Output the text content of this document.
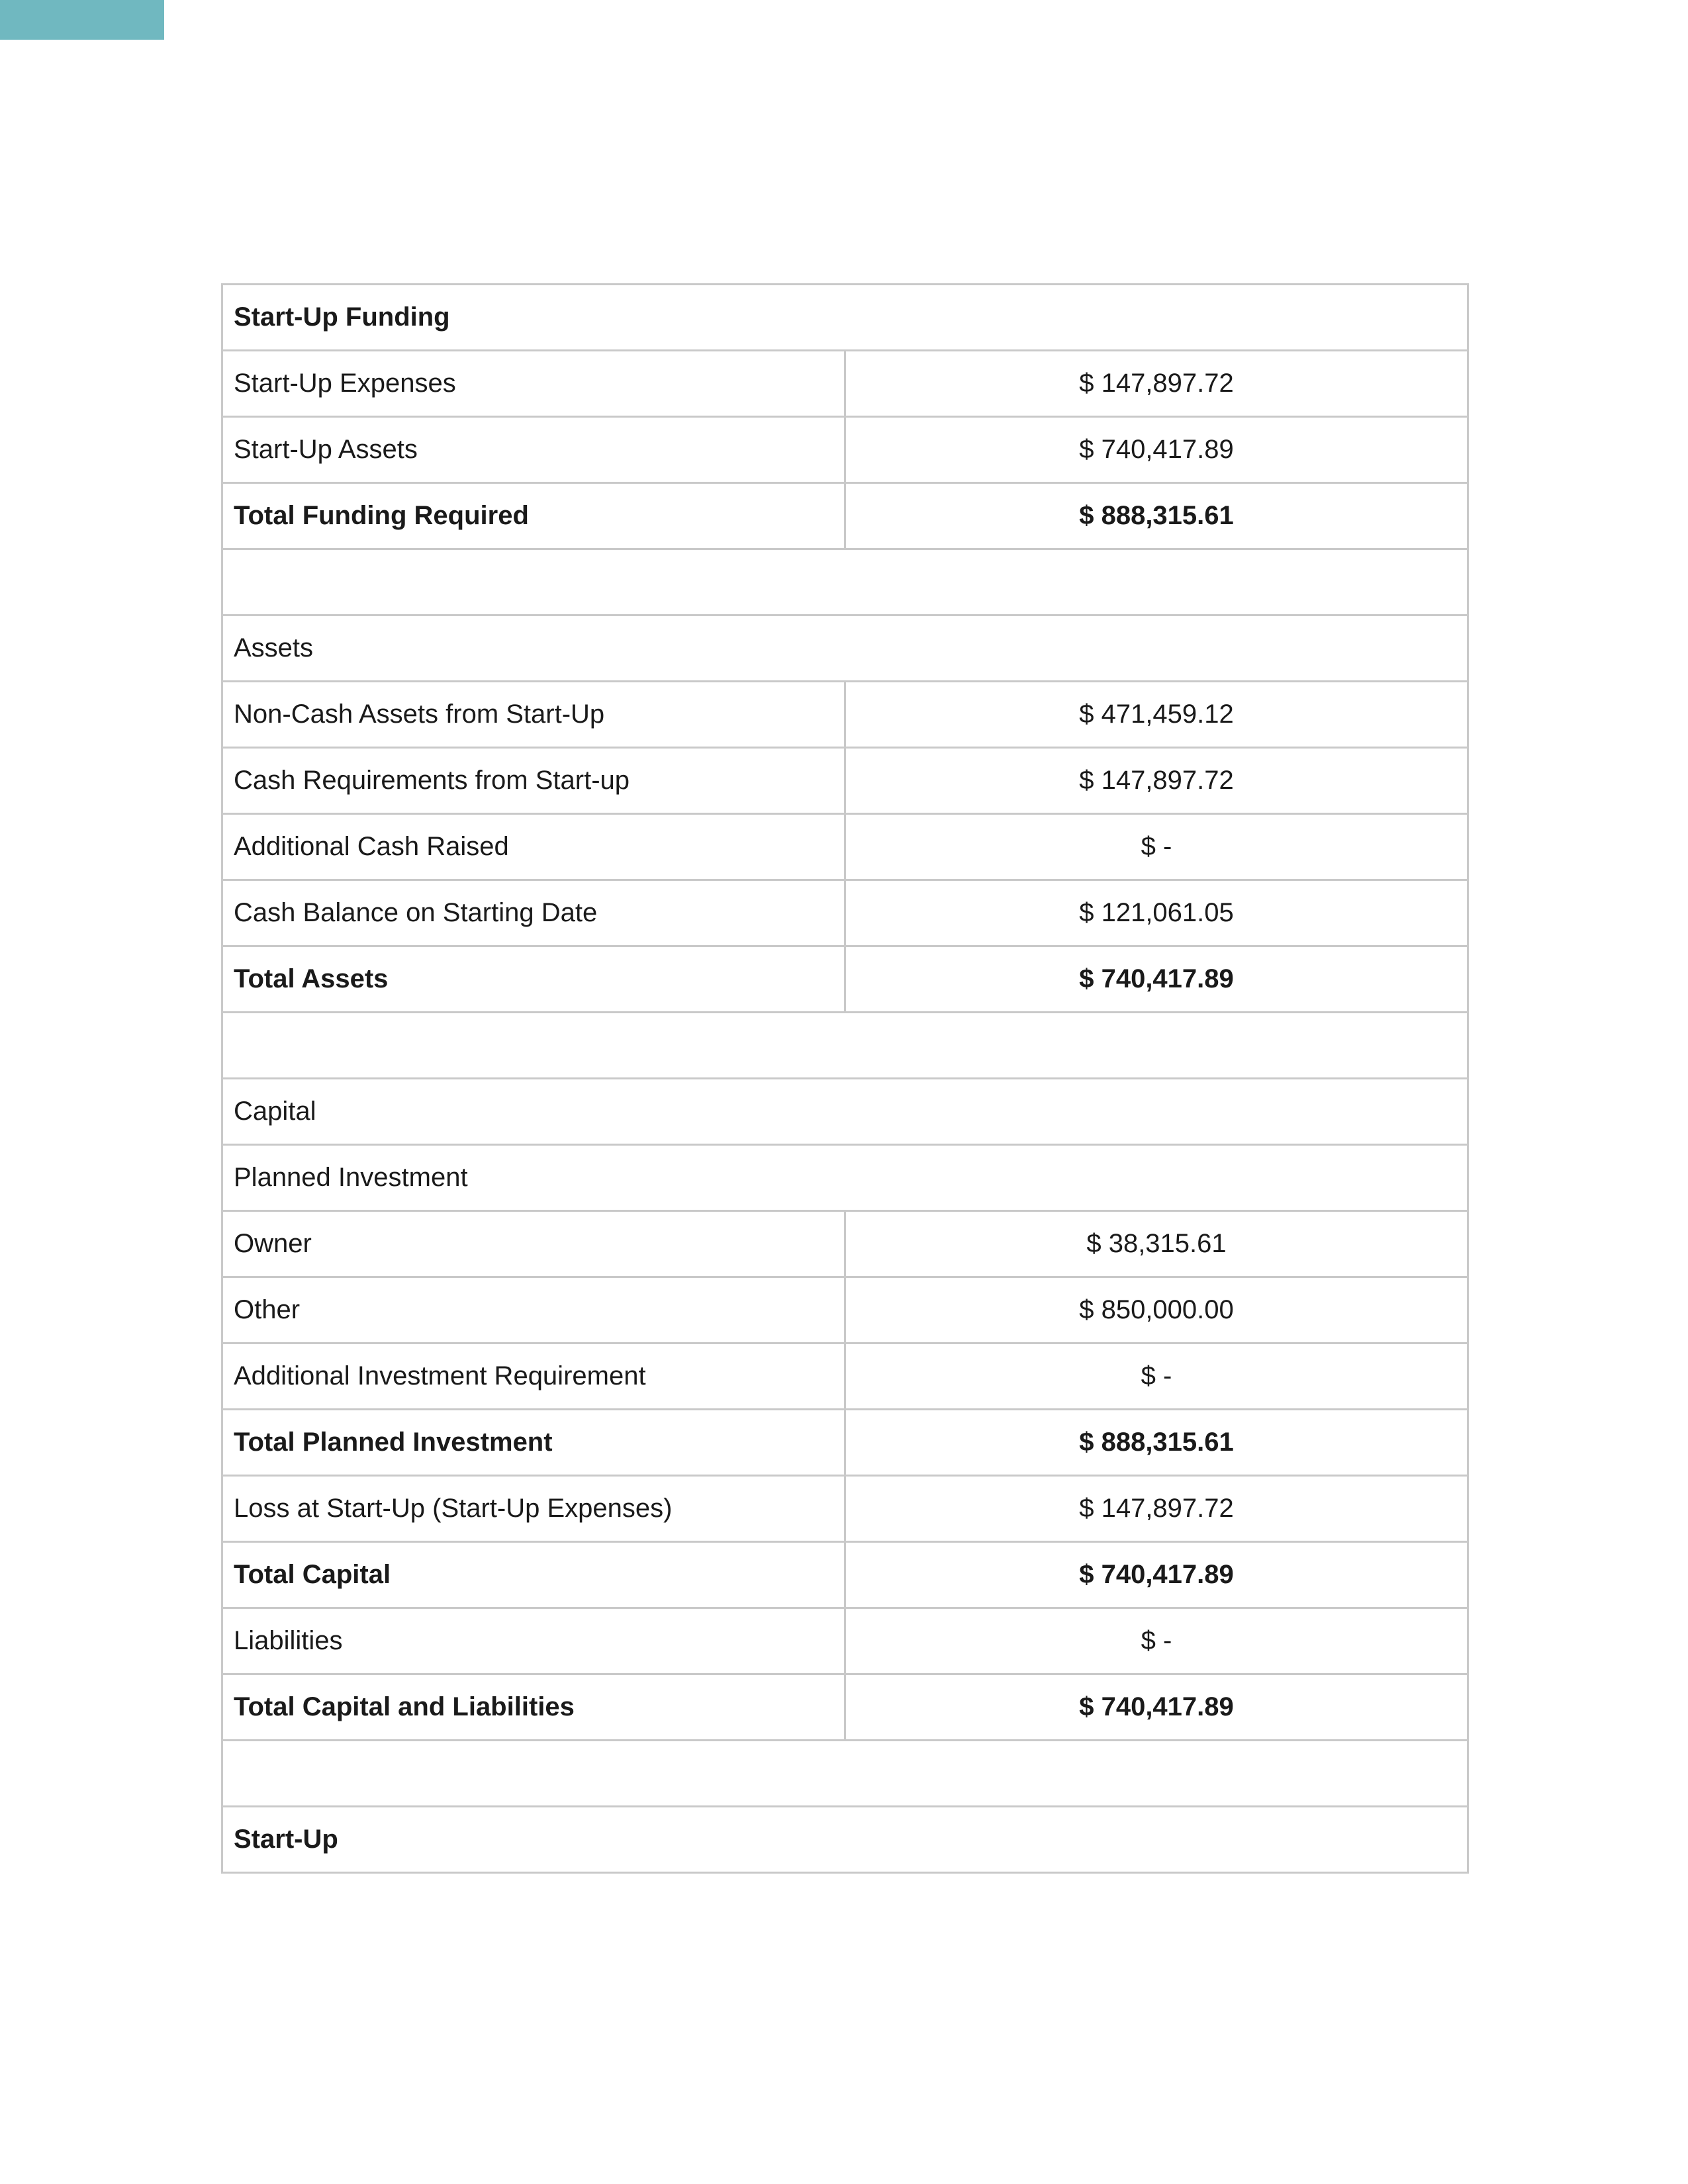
Start-Up Funding	
Start-Up Expenses	$ 147,897.72
Start-Up Assets	$ 740,417.89
Total Funding Required	$ 888,315.61

Assets	
Non-Cash Assets from Start-Up	$ 471,459.12
Cash Requirements from Start-up	$ 147,897.72
Additional Cash Raised	$ -
Cash Balance on Starting Date	$ 121,061.05
Total Assets	$ 740,417.89

Capital	
Planned Investment	
Owner	$ 38,315.61
Other	$ 850,000.00
Additional Investment Requirement	$ -
Total Planned Investment	$ 888,315.61
Loss at Start-Up (Start-Up Expenses)	$ 147,897.72
Total Capital	$ 740,417.89
Liabilities	$ -
Total Capital and Liabilities	$ 740,417.89

Start-Up	
